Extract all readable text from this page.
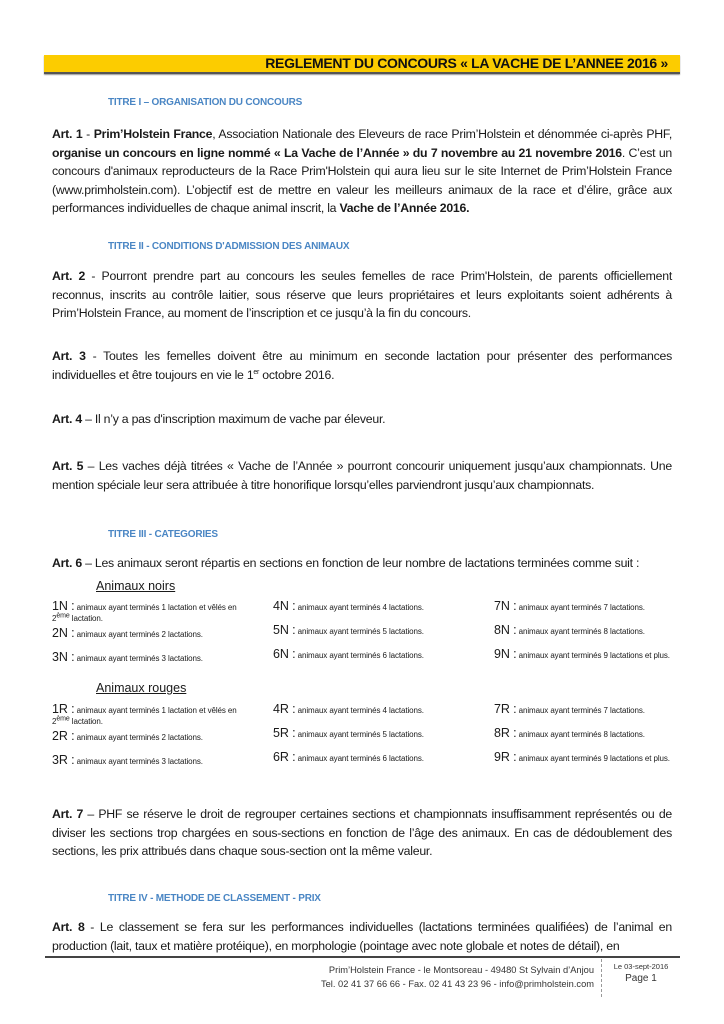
REGLEMENT DU CONCOURS « LA VACHE DE L’ANNEE 2016 »
TITRE I – ORGANISATION DU CONCOURS
Art. 1 - Prim’Holstein France, Association Nationale des Eleveurs de race Prim’Holstein et dénommée ci-après PHF, organise un concours en ligne nommé « La Vache de l’Année » du 7 novembre au 21 novembre 2016. C’est un concours d'animaux reproducteurs de la Race Prim'Holstein qui aura lieu sur le site Internet de Prim’Holstein France (www.primholstein.com). L’objectif est de mettre en valeur les meilleurs animaux de la race et d’élire, grâce aux performances individuelles de chaque animal inscrit, la Vache de l’Année 2016.
TITRE II - CONDITIONS D'ADMISSION DES ANIMAUX
Art. 2 - Pourront prendre part au concours les seules femelles de race Prim'Holstein, de parents officiellement reconnus, inscrits au contrôle laitier, sous réserve que leurs propriétaires et leurs exploitants soient adhérents à Prim’Holstein France, au moment de l’inscription et ce jusqu’à la fin du concours.
Art. 3 - Toutes les femelles doivent être au minimum en seconde lactation pour présenter des performances individuelles et être toujours en vie le 1er octobre 2016.
Art. 4 – Il n’y a pas d'inscription maximum de vache par éleveur.
Art. 5 – Les vaches déjà titrées « Vache de l’Année » pourront concourir uniquement jusqu’aux championnats. Une mention spéciale leur sera attribuée à titre honorifique lorsqu’elles parviendront jusqu’aux championnats.
TITRE III - CATEGORIES
Art. 6 – Les animaux seront répartis en sections en fonction de leur nombre de lactations terminées comme suit :
Animaux noirs
1N : animaux ayant terminés 1 lactation et vêlés en 2ème lactation.
2N : animaux ayant terminés 2 lactations.
3N : animaux ayant terminés 3 lactations.
4N : animaux ayant terminés 4 lactations.
5N : animaux ayant terminés 5 lactations.
6N : animaux ayant terminés 6 lactations.
7N : animaux ayant terminés 7 lactations.
8N : animaux ayant terminés 8 lactations.
9N : animaux ayant terminés 9 lactations et plus.
Animaux rouges
1R : animaux ayant terminés 1 lactation et vêlés en 2ème lactation.
2R : animaux ayant terminés 2 lactations.
3R : animaux ayant terminés 3 lactations.
4R : animaux ayant terminés 4 lactations.
5R : animaux ayant terminés 5 lactations.
6R : animaux ayant terminés 6 lactations.
7R : animaux ayant terminés 7 lactations.
8R : animaux ayant terminés 8 lactations.
9R : animaux ayant terminés 9 lactations et plus.
Art. 7 – PHF se réserve le droit de regrouper certaines sections et championnats insuffisamment représentés ou de diviser les sections trop chargées en sous-sections en fonction de l’âge des animaux. En cas de dédoublement des sections, les prix attribués dans chaque sous-section ont la même valeur.
TITRE IV - METHODE DE CLASSEMENT - PRIX
Art. 8 - Le classement se fera sur les performances individuelles (lactations terminées qualifiées) de l’animal en production (lait, taux et matière protéique), en morphologie (pointage avec note globale et notes de détail), en
Prim’Holstein France - le Montsoreau - 49480 St Sylvain d’Anjou
Tel. 02 41 37 66 66 - Fax. 02 41 43 23 96 - info@primholstein.com
Le 03-sept-2016
Page 1
